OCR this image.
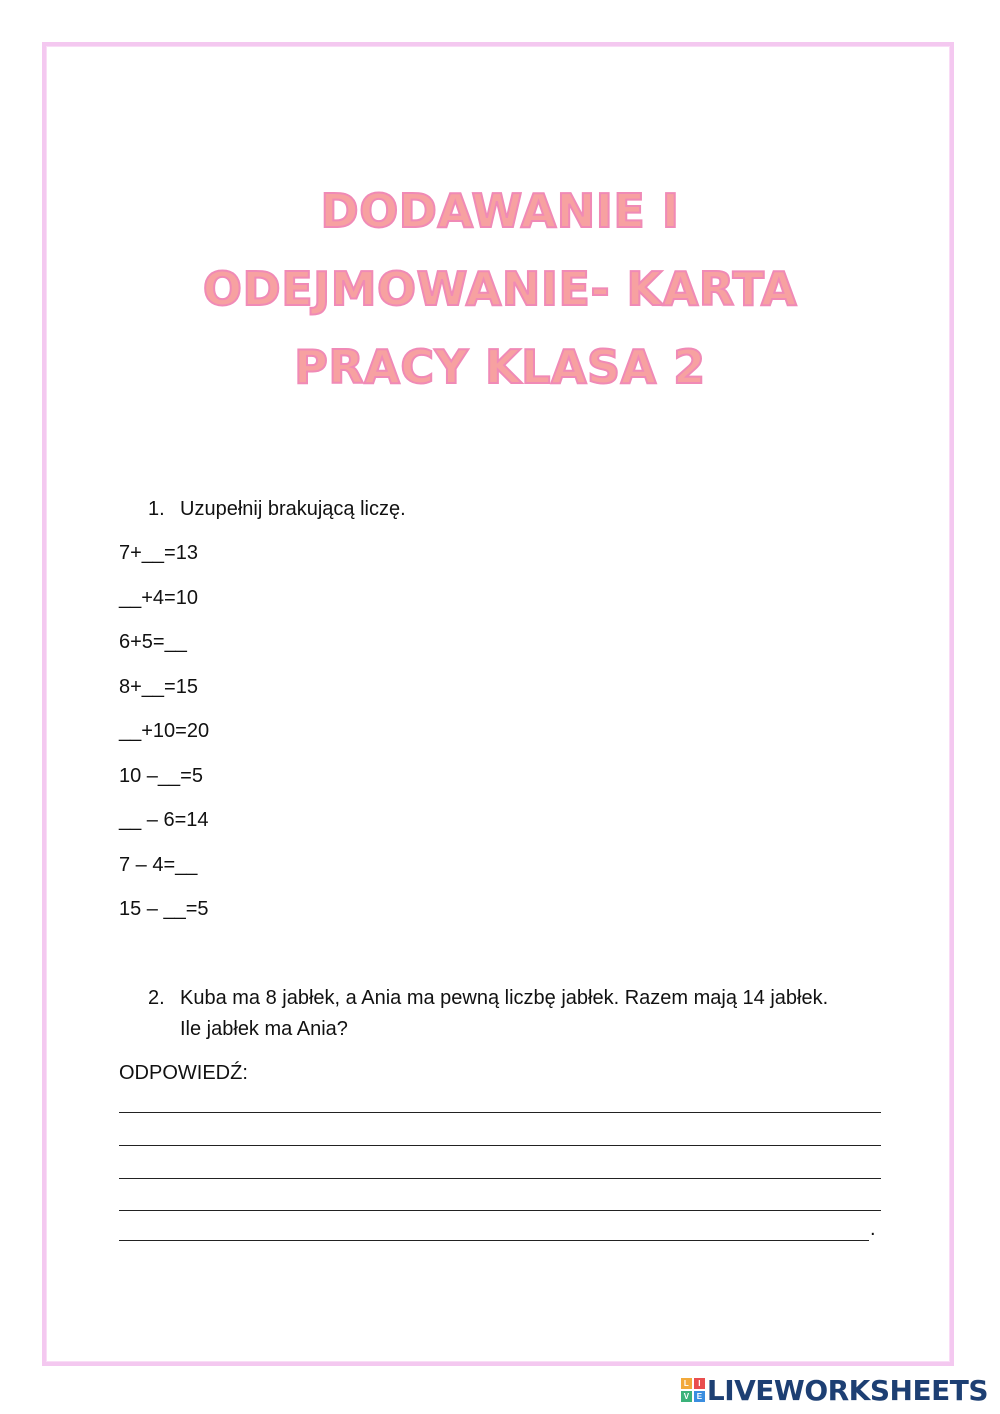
DODAWANIE I
ODEJMOWANIE- KARTA
PRACY KLASA 2
1. Uzupełnij brakującą liczę.
7+__=13
__+4=10
6+5=__
8+__=15
__+10=20
10 –__=5
__ – 6=14
7 – 4=__
15 – __=5
2. Kuba ma 8 jabłek, a Ania ma pewną liczbę jabłek. Razem mają 14 jabłek.
Ile jabłek ma Ania?
ODPOWIEDŹ:
.
L	I
V E LIVEWORKSHEETS
